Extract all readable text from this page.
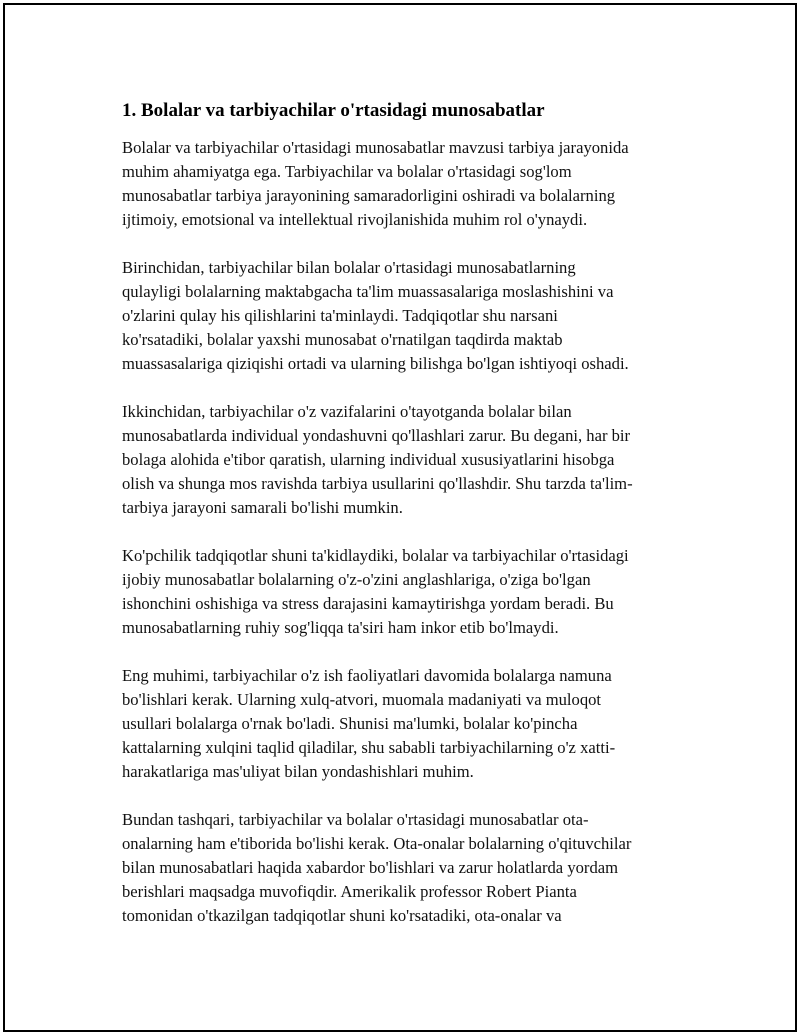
1. Bolalar va tarbiyachilar o'rtasidagi munosabatlar

Bolalar va tarbiyachilar o'rtasidagi munosabatlar mavzusi tarbiya jarayonida
muhim ahamiyatga ega. Tarbiyachilar va bolalar o'rtasidagi sog'lom
munosabatlar tarbiya jarayonining samaradorligini oshiradi va bolalarning
ijtimoiy, emotsional va intellektual rivojlanishida muhim rol o'ynaydi.

Birinchidan, tarbiyachilar bilan bolalar o'rtasidagi munosabatlarning
qulayligi bolalarning maktabgacha ta'lim muassasalariga moslashishini va
o'zlarini qulay his qilishlarini ta'minlaydi. Tadqiqotlar shu narsani
ko'rsatadiki, bolalar yaxshi munosabat o'rnatilgan taqdirda maktab
muassasalariga qiziqishi ortadi va ularning bilishga bo'lgan ishtiyoqi oshadi.

Ikkinchidan, tarbiyachilar o'z vazifalarini o'tayotganda bolalar bilan
munosabatlarda individual yondashuvni qo'llashlari zarur. Bu degani, har bir
bolaga alohida e'tibor qaratish, ularning individual xususiyatlarini hisobga
olish va shunga mos ravishda tarbiya usullarini qo'llashdir. Shu tarzda ta'lim-
tarbiya jarayoni samarali bo'lishi mumkin.

Ko'pchilik tadqiqotlar shuni ta'kidlaydiki, bolalar va tarbiyachilar o'rtasidagi
ijobiy munosabatlar bolalarning o'z-o'zini anglashlariga, o'ziga bo'lgan
ishonchini oshishiga va stress darajasini kamaytirishga yordam beradi. Bu
munosabatlarning ruhiy sog'liqqa ta'siri ham inkor etib bo'lmaydi.

Eng muhimi, tarbiyachilar o'z ish faoliyatlari davomida bolalarga namuna
bo'lishlari kerak. Ularning xulq-atvori, muomala madaniyati va muloqot
usullari bolalarga o'rnak bo'ladi. Shunisi ma'lumki, bolalar ko'pincha
kattalarning xulqini taqlid qiladilar, shu sababli tarbiyachilarning o'z xatti-
harakatlariga mas'uliyat bilan yondashishlari muhim.

Bundan tashqari, tarbiyachilar va bolalar o'rtasidagi munosabatlar ota-
onalarning ham e'tiborida bo'lishi kerak. Ota-onalar bolalarning o'qituvchilar
bilan munosabatlari haqida xabardor bo'lishlari va zarur holatlarda yordam
berishlari maqsadga muvofiqdir. Amerikalik professor Robert Pianta
tomonidan o'tkazilgan tadqiqotlar shuni ko'rsatadiki, ota-onalar va
